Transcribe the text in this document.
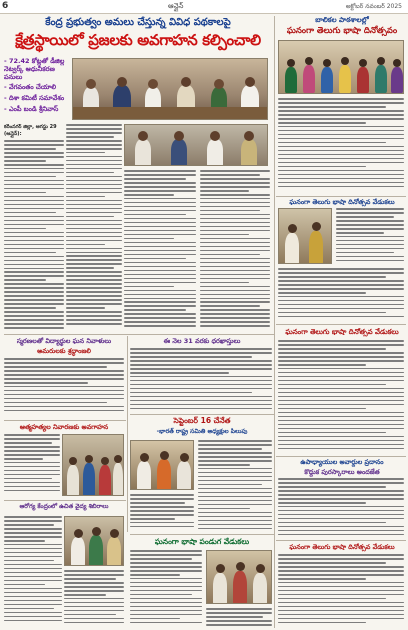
6	ఆన్లైన్	అక్టోబర్ నవంబర్ 2025
కేంద్ర ప్రభుత్వం అమలు చేస్తున్న వివిధ పథకాలపై
క్షేత్రస్థాయిలో ప్రజలకు అవగాహన కల్పించాలి
- 72.42 కోట్లతో డీజిల్ల నెట్వర్క్ ఆధునీకరణ పనులు
- వేగవంతం చేయాలి
- దిశా కమిటీ సమావేశం
- ఎంపీ బండి శ్రీనివాస్
కరీంనగర్ జిల్లా, ఆగస్టు 29 (ఆన్లైన్):
బాలికల పాఠశాలల్లో
ఘనంగా తెలుగు భాషా దినోత్సవం
ఘనంగా తెలుగు భాషా దినోత్సవ వేడుకలు
ఘనంగా తెలుగు భాషా దినోత్సవ వేడుకలు
ఉపాధ్యాయుల అవార్డుల ప్రదానం
కొద్దుక పురస్కారాలు అందజేత
ఘనంగా తెలుగు భాషా దినోత్సవ వేడుకలు
స్మరణలతో విద్యార్థుల ఘన నివాళులు
అమరులకు శ్రద్ధాంజలి
ఈ నెల 31 వరకు ధరఖాస్తులు
సెప్టెంబర్ 16 చేనేత
-భారత్ రాష్ట్ర సమితి అధ్యక్షుల పిలుపు
ఆత్మహత్యల నివారణకు అవగాహన
ఆరోగ్య కేంద్రంలో ఉచిత వైద్య శిబిరాలు
ఘనంగా భాషా పండుగ వేడుకలు
